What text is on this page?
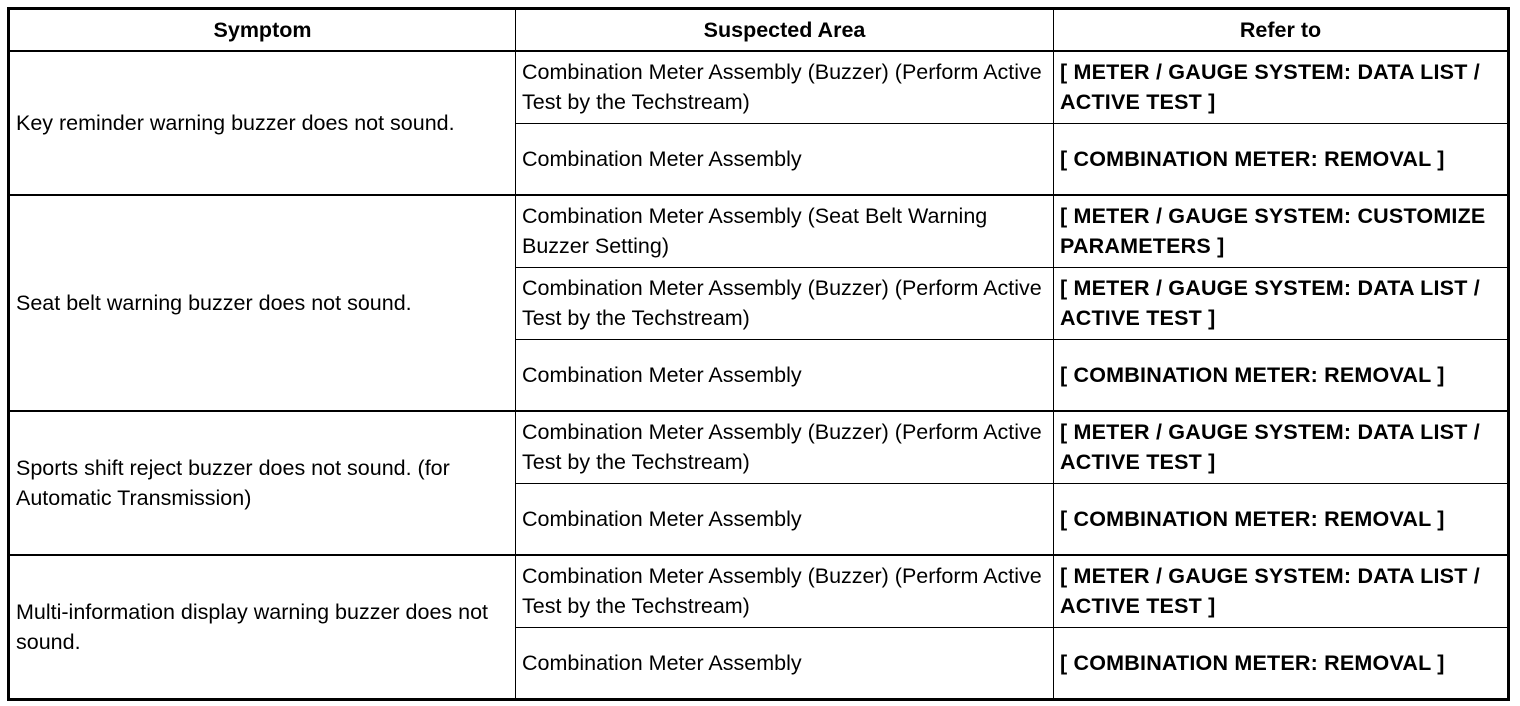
Symptom	Suspected Area	Refer to
Key reminder warning buzzer does not sound.	Combination Meter Assembly (Buzzer) (Perform Active Test by the Techstream)	[ METER / GAUGE SYSTEM: DATA LIST / ACTIVE TEST ]
	Combination Meter Assembly	[ COMBINATION METER: REMOVAL ]
Seat belt warning buzzer does not sound.	Combination Meter Assembly (Seat Belt Warning Buzzer Setting)	[ METER / GAUGE SYSTEM: CUSTOMIZE PARAMETERS ]
	Combination Meter Assembly (Buzzer) (Perform Active Test by the Techstream)	[ METER / GAUGE SYSTEM: DATA LIST / ACTIVE TEST ]
	Combination Meter Assembly	[ COMBINATION METER: REMOVAL ]
Sports shift reject buzzer does not sound. (for Automatic Transmission)	Combination Meter Assembly (Buzzer) (Perform Active Test by the Techstream)	[ METER / GAUGE SYSTEM: DATA LIST / ACTIVE TEST ]
	Combination Meter Assembly	[ COMBINATION METER: REMOVAL ]
Multi-information display warning buzzer does not sound.	Combination Meter Assembly (Buzzer) (Perform Active Test by the Techstream)	[ METER / GAUGE SYSTEM: DATA LIST / ACTIVE TEST ]
	Combination Meter Assembly	[ COMBINATION METER: REMOVAL ]
